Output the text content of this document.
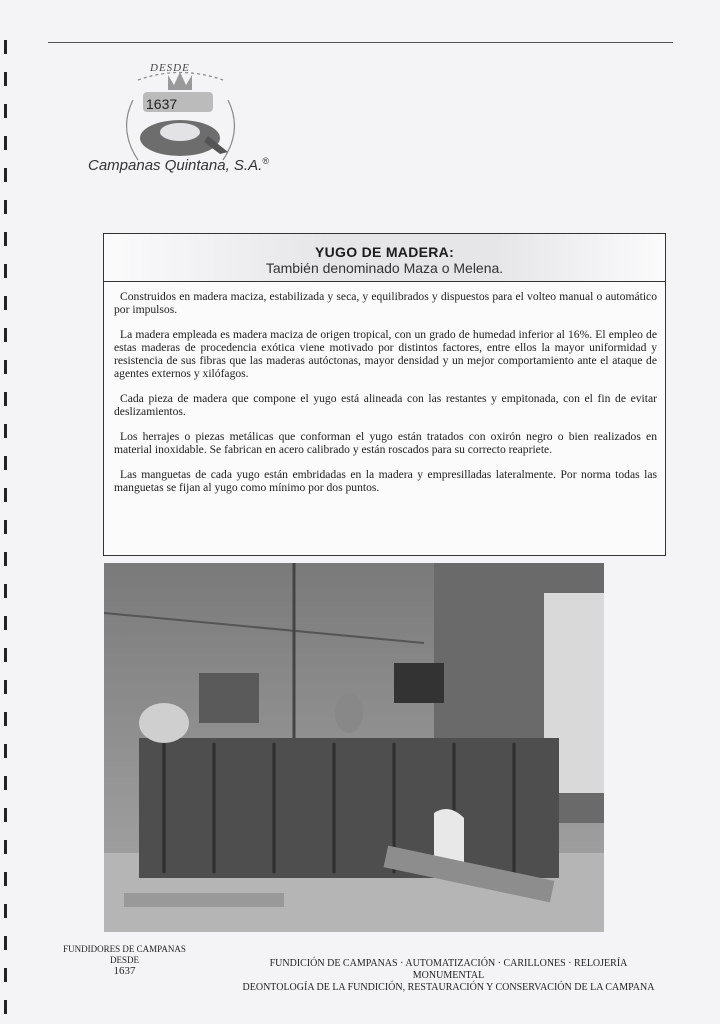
DESDE
1637
Campanas Quintana, S.A.®
YUGO DE MADERA:
También denominado Maza o Melena.

Construidos en madera maciza, estabilizada y seca, y equilibrados y dispuestos para el volteo manual o automático por impulsos.

La madera empleada es madera maciza de origen tropical, con un grado de humedad inferior al 16%. El empleo de estas maderas de procedencia exótica viene motivado por distintos factores, entre ellos la mayor uniformidad y resistencia de sus fibras que las maderas autóctonas, mayor densidad y un mejor comportamiento ante el ataque de agentes externos y xilófagos.

Cada pieza de madera que compone el yugo está alineada con las restantes y empitonada, con el fin de evitar deslizamientos.

Los herrajes o piezas metálicas que conforman el yugo están tratados con oxirón negro o bien realizados en material inoxidable. Se fabrican en acero calibrado y están roscados para su correcto reapriete.

Las manguetas de cada yugo están embridadas en la madera y empresilladas lateralmente. Por norma todas las manguetas se fijan al yugo como mínimo por dos puntos.

FUNDIDORES DE CAMPANAS
DESDE
1637
FUNDICIÓN DE CAMPANAS · AUTOMATIZACIÓN · CARILLONES · RELOJERÍA MONUMENTAL
DEONTOLOGÍA DE LA FUNDICIÓN, RESTAURACIÓN Y CONSERVACIÓN DE LA CAMPANA
